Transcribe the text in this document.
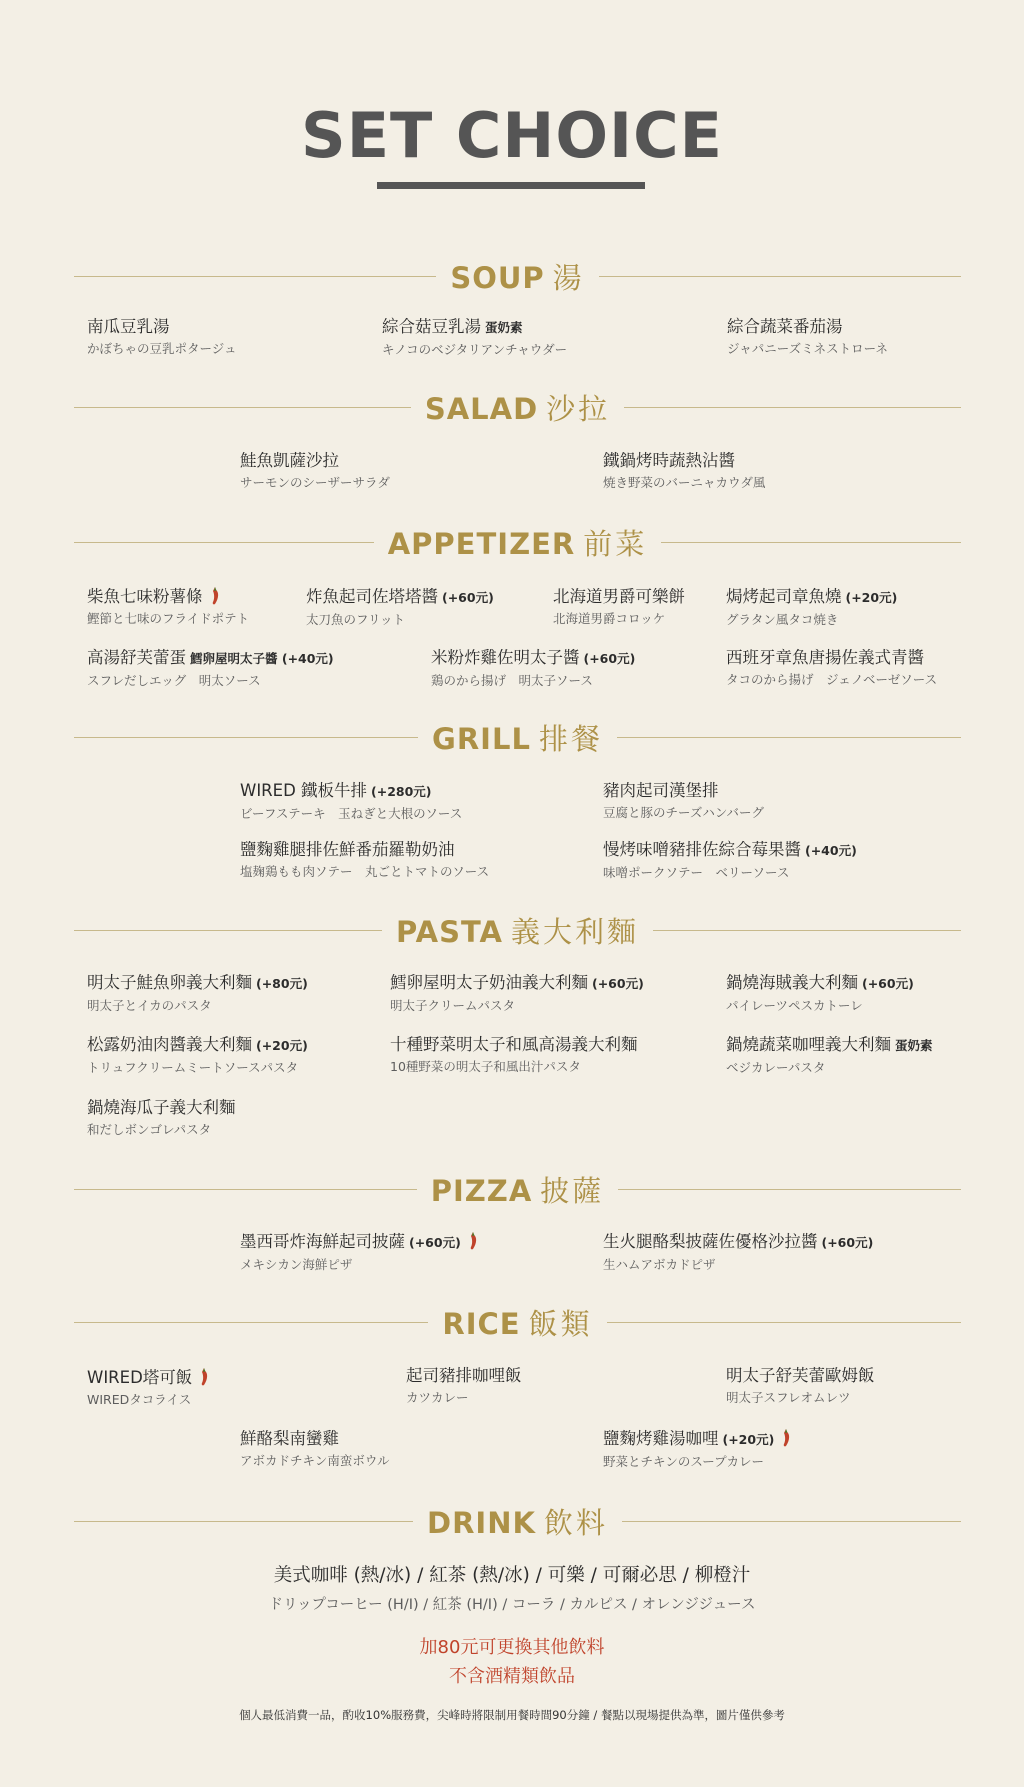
SET CHOICE
SOUP 湯
南瓜豆乳湯
かぼちゃの豆乳ポタージュ
綜合菇豆乳湯 蛋奶素
キノコのベジタリアンチャウダー
綜合蔬菜番茄湯
ジャパニーズミネストローネ
SALAD 沙拉
鮭魚凱薩沙拉
サーモンのシーザーサラダ
鐵鍋烤時蔬熱沾醬
焼き野菜のバーニャカウダ風
APPETIZER 前菜
柴魚七味粉薯條
鰹節と七味のフライドポテト
炸魚起司佐塔塔醬 (+60元)
太刀魚のフリット
北海道男爵可樂餅
北海道男爵コロッケ
焗烤起司章魚燒 (+20元)
グラタン風タコ焼き
高湯舒芙蕾蛋 鱈卵屋明太子醬 (+40元)
スフレだしエッグ　明太ソース
米粉炸雞佐明太子醬 (+60元)
鶏のから揚げ　明太子ソース
西班牙章魚唐揚佐義式青醬
タコのから揚げ　ジェノベーゼソース
GRILL 排餐
WIRED 鐵板牛排 (+280元)
ビーフステーキ　玉ねぎと大根のソース
豬肉起司漢堡排
豆腐と豚のチーズハンバーグ
鹽麴雞腿排佐鮮番茄羅勒奶油
塩麹鶏もも肉ソテー　丸ごとトマトのソース
慢烤味噌豬排佐綜合莓果醬 (+40元)
味噌ポークソテー　ベリーソース
PASTA 義大利麵
明太子鮭魚卵義大利麵 (+80元)
明太子とイカのパスタ
鱈卵屋明太子奶油義大利麵 (+60元)
明太子クリームパスタ
鍋燒海賊義大利麵 (+60元)
パイレーツペスカトーレ
松露奶油肉醬義大利麵 (+20元)
トリュフクリームミートソースパスタ
十種野菜明太子和風高湯義大利麵
10種野菜の明太子和風出汁パスタ
鍋燒蔬菜咖哩義大利麵 蛋奶素
ベジカレーパスタ
鍋燒海瓜子義大利麵
和だしボンゴレパスタ
PIZZA 披薩
墨西哥炸海鮮起司披薩 (+60元)
メキシカン海鮮ピザ
生火腿酪梨披薩佐優格沙拉醬 (+60元)
生ハムアボカドピザ
RICE 飯類
WIRED塔可飯
WIREDタコライス
起司豬排咖哩飯
カツカレー
明太子舒芙蕾歐姆飯
明太子スフレオムレツ
鮮酪梨南蠻雞
アボカドチキン南蛮ボウル
鹽麴烤雞湯咖哩 (+20元)
野菜とチキンのスープカレー
DRINK 飲料
美式咖啡 (熱/冰) / 紅茶 (熱/冰) / 可樂 / 可爾必思 / 柳橙汁
ドリップコーヒー (H/I) / 紅茶 (H/I) / コーラ / カルピス / オレンジジュース
加80元可更換其他飲料
不含酒精類飲品
個人最低消費一品，酌收10%服務費，尖峰時將限制用餐時間90分鐘 / 餐點以現場提供為準，圖片僅供參考
